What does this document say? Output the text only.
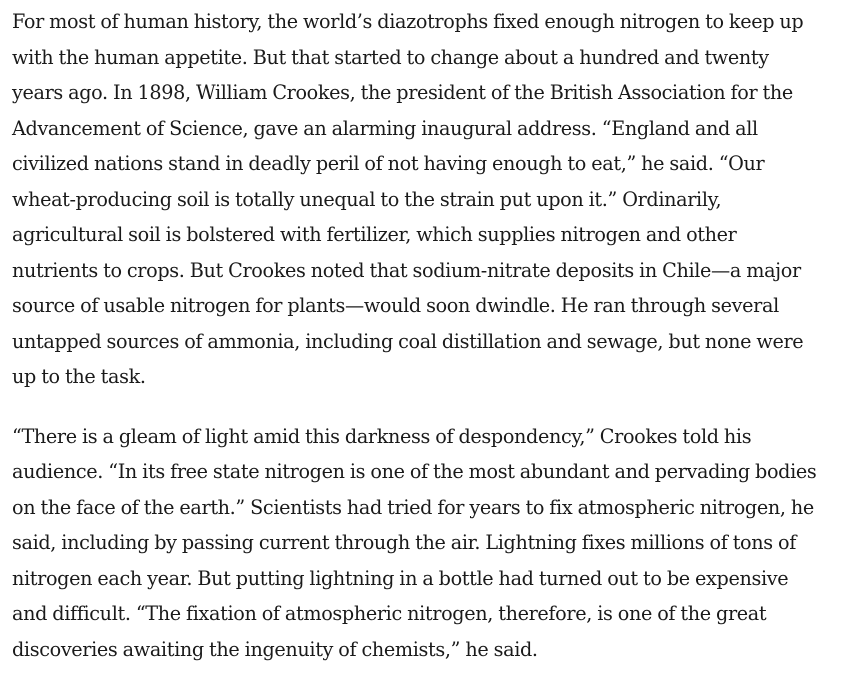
For most of human history, the world’s diazotrophs fixed enough nitrogen to keep up
with the human appetite. But that started to change about a hundred and twenty
years ago. In 1898, William Crookes, the president of the British Association for the
Advancement of Science, gave an alarming inaugural address. “England and all
civilized nations stand in deadly peril of not having enough to eat,” he said. “Our
wheat-producing soil is totally unequal to the strain put upon it.” Ordinarily,
agricultural soil is bolstered with fertilizer, which supplies nitrogen and other
nutrients to crops. But Crookes noted that sodium-nitrate deposits in Chile—a major
source of usable nitrogen for plants—would soon dwindle. He ran through several
untapped sources of ammonia, including coal distillation and sewage, but none were
up to the task.

“There is a gleam of light amid this darkness of despondency,” Crookes told his
audience. “In its free state nitrogen is one of the most abundant and pervading bodies
on the face of the earth.” Scientists had tried for years to fix atmospheric nitrogen, he
said, including by passing current through the air. Lightning fixes millions of tons of
nitrogen each year. But putting lightning in a bottle had turned out to be expensive
and difficult. “The fixation of atmospheric nitrogen, therefore, is one of the great
discoveries awaiting the ingenuity of chemists,” he said.
